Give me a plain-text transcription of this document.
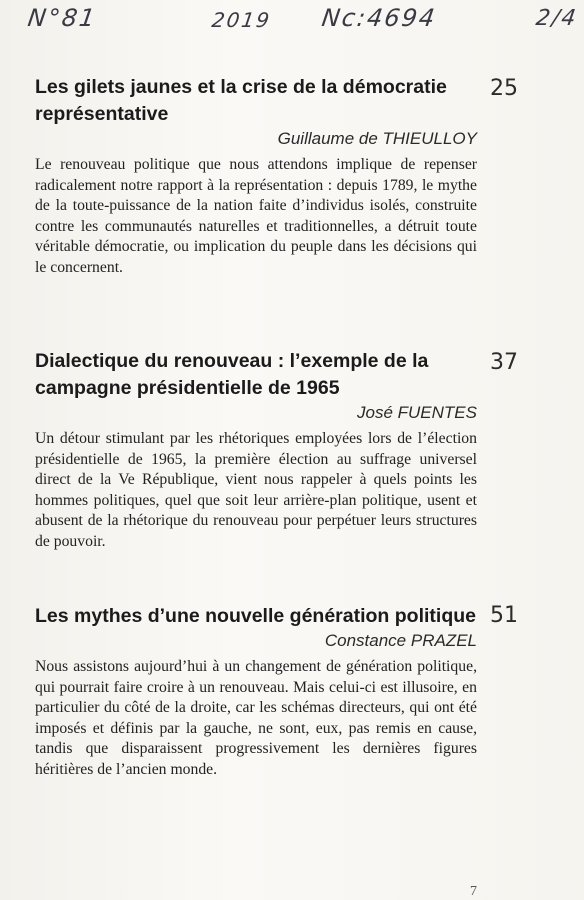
N°81	2019 Nc:4694	2/4
Les gilets jaunes et la crise de la démocratie représentative
Guillaume de THIEULLOY

Le renouveau politique que nous attendons implique de repenser radicalement notre rapport à la représentation : depuis 1789, le mythe de la toute-puissance de la nation faite d’individus isolés, construite contre les communautés naturelles et traditionnelles, a détruit toute véritable démocratie, ou implication du peuple dans les décisions qui le concernent.

25
Dialectique du renouveau : l’exemple de la campagne présidentielle de 1965
José FUENTES

Un détour stimulant par les rhétoriques employées lors de l’élection présidentielle de 1965, la première élection au suffrage universel direct de la Ve République, vient nous rappeler à quels points les hommes politiques, quel que soit leur arrière-plan politique, usent et abusent de la rhétorique du renouveau pour perpétuer leurs structures de pouvoir.

37
Les mythes d’une nouvelle génération politique
Constance PRAZEL

Nous assistons aujourd’hui à un changement de génération politique, qui pourrait faire croire à un renouveau. Mais celui-ci est illusoire, en particulier du côté de la droite, car les schémas directeurs, qui ont été imposés et définis par la gauche, ne sont, eux, pas remis en cause, tandis que disparaissent progressivement les dernières figures héritières de l’ancien monde.

51
7
